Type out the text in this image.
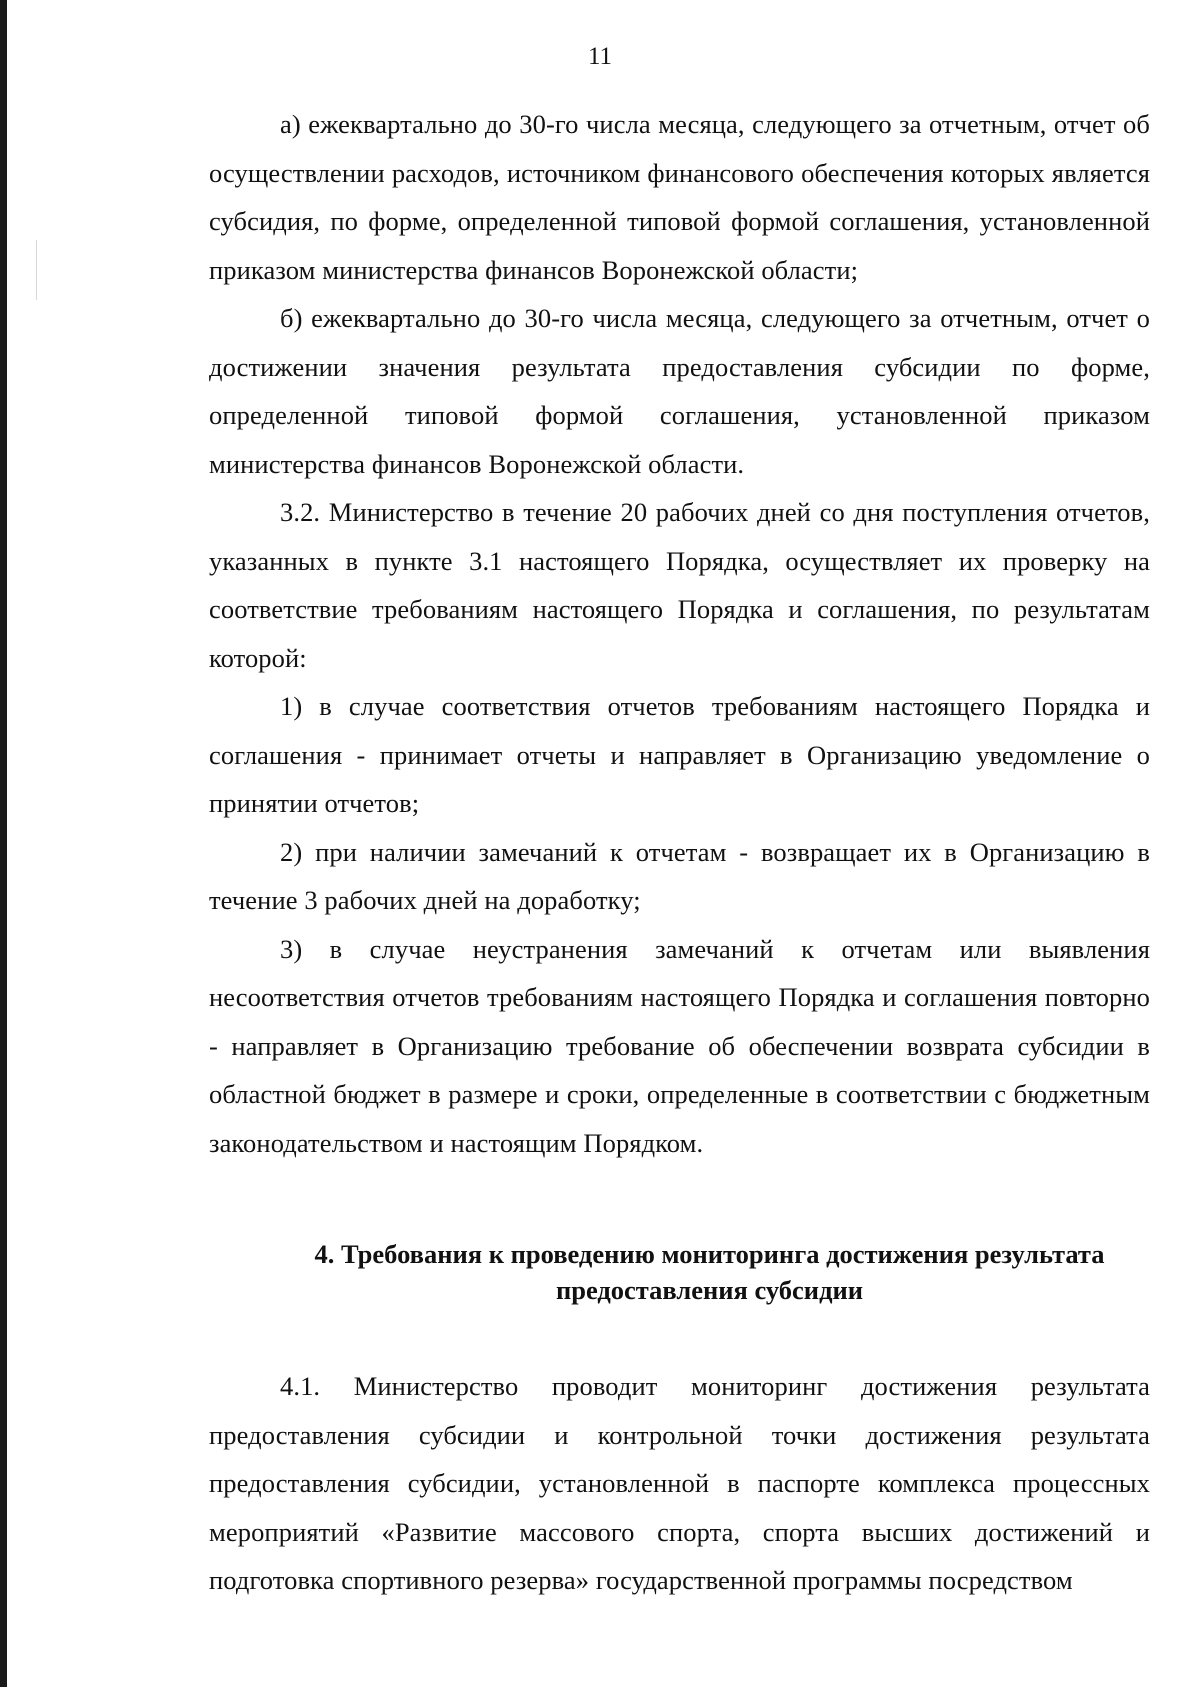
11

а) ежеквартально до 30-го числа месяца, следующего за отчетным, отчет об осуществлении расходов, источником финансового обеспечения которых является субсидия, по форме, определенной типовой формой соглашения, установленной приказом министерства финансов Воронежской области;

б) ежеквартально до 30-го числа месяца, следующего за отчетным, отчет о достижении значения результата предоставления субсидии по форме, определенной типовой формой соглашения, установленной приказом министерства финансов Воронежской области.

3.2. Министерство в течение 20 рабочих дней со дня поступления отчетов, указанных в пункте 3.1 настоящего Порядка, осуществляет их проверку на соответствие требованиям настоящего Порядка и соглашения, по результатам которой:

1) в случае соответствия отчетов требованиям настоящего Порядка и соглашения - принимает отчеты и направляет в Организацию уведомление о принятии отчетов;

2) при наличии замечаний к отчетам - возвращает их в Организацию в течение 3 рабочих дней на доработку;

3) в случае неустранения замечаний к отчетам или выявления несоответствия отчетов требованиям настоящего Порядка и соглашения повторно - направляет в Организацию требование об обеспечении возврата субсидии в областной бюджет в размере и сроки, определенные в соответствии с бюджетным законодательством и настоящим Порядком.

4. Требования к проведению мониторинга достижения результата
предоставления субсидии

4.1. Министерство проводит мониторинг достижения результата предоставления субсидии и контрольной точки достижения результата предоставления субсидии, установленной в паспорте комплекса процессных мероприятий «Развитие массового спорта, спорта высших достижений и подготовка спортивного резерва» государственной программы посредством
